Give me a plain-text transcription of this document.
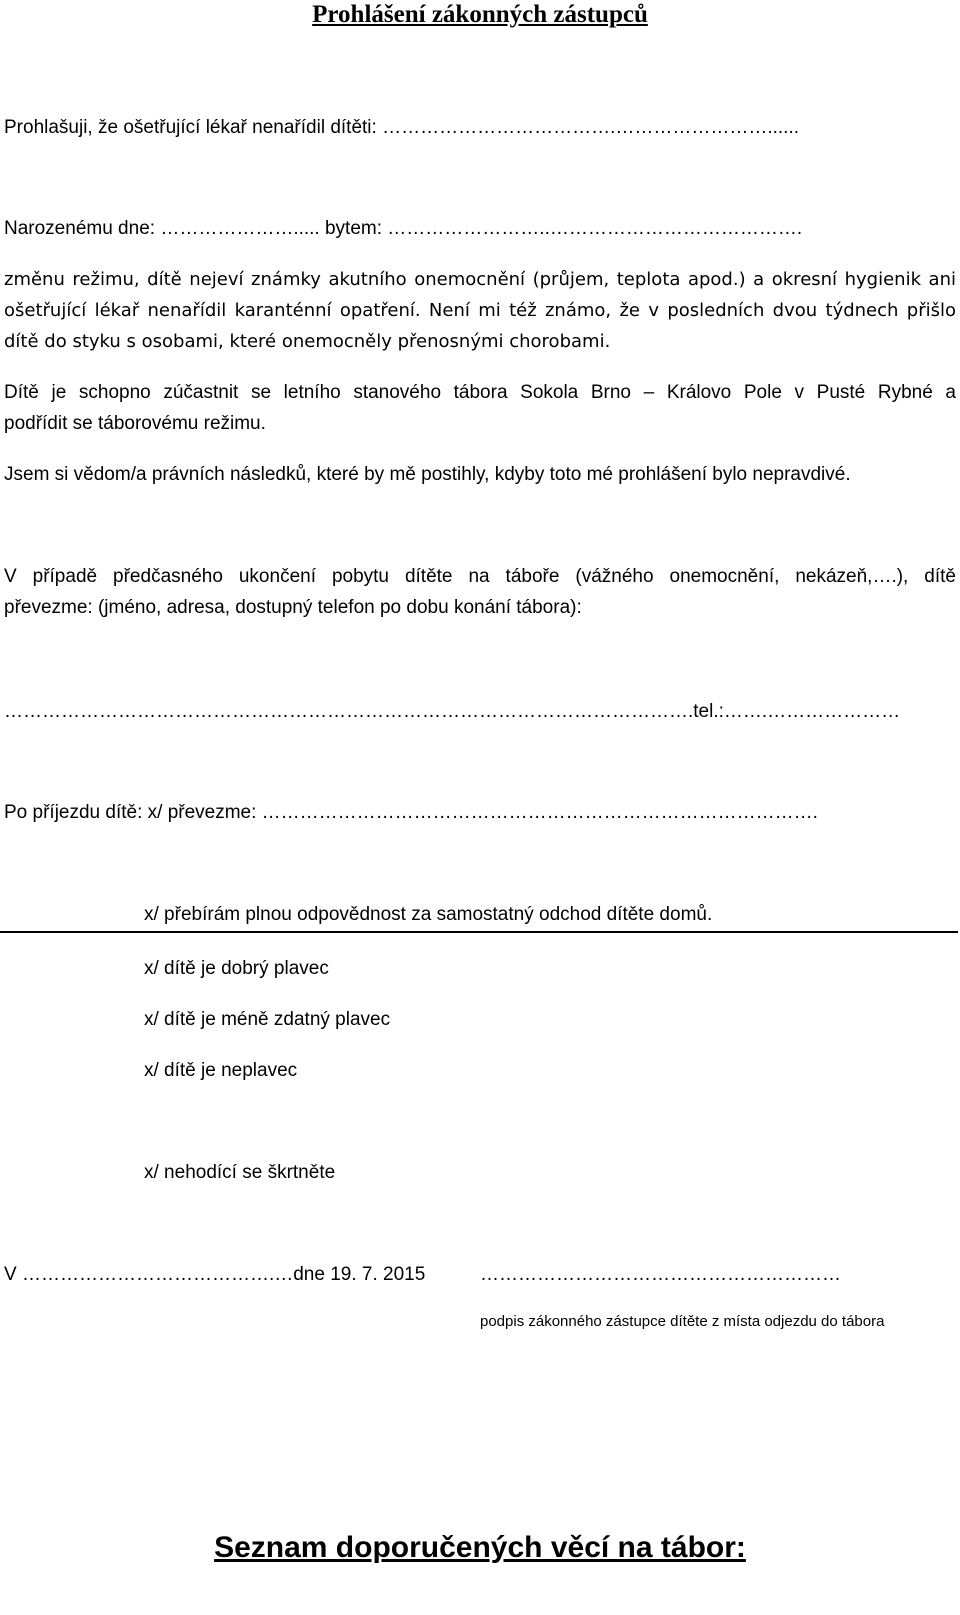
Prohlášení zákonných zástupců
Prohlašuji, že ošetřující lékař nenařídil dítěti: ……………………………….……………………......
Narozenému dne: …………………..... bytem: ……………………..………………………………….
změnu režimu, dítě nejeví známky akutního onemocnění (průjem, teplota apod.) a okresní hygienik ani
ošetřující lékař nenařídil karanténní opatření. Není mi též známo, že v posledních dvou týdnech přišlo
dítě do styku s osobami, které onemocněly přenosnými chorobami.
Dítě je schopno zúčastnit se letního stanového tábora Sokola Brno – Královo Pole v Pusté Rybné a
podřídit se táborovému režimu.
Jsem si vědom/a právních následků, které by mě postihly, kdyby toto mé prohlášení bylo nepravdivé.
V případě předčasného ukončení pobytu dítěte na táboře (vážného onemocnění, nekázeň,….), dítě
převezme: (jméno, adresa, dostupný telefon po dobu konání tábora):
……………………………………………………………………………………………….tel.:…….…………………
Po příjezdu dítě: x/ převezme: …………………………………………………………………………….
x/ přebírám plnou odpovědnost za samostatný odchod dítěte domů.
x/ dítě je dobrý plavec
x/ dítě je méně zdatný plavec
x/ dítě je neplavec
x/ nehodící se škrtněte
V ………………………………….…dne 19. 7. 2015	…………………………………………………
podpis zákonného zástupce dítěte z místa odjezdu do tábora
Seznam doporučených věcí na tábor:
